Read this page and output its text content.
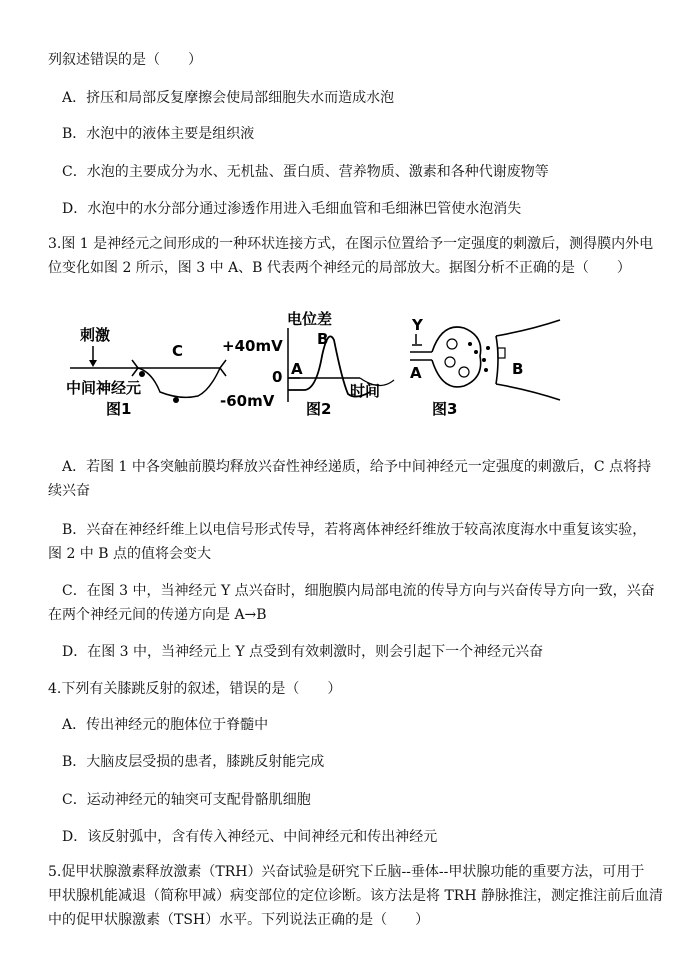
列叙述错误的是（　　）
A．挤压和局部反复摩擦会使局部细胞失水而造成水泡
B．水泡中的液体主要是组织液
C．水泡的主要成分为水、无机盐、蛋白质、营养物质、激素和各种代谢废物等
D．水泡中的水分部分通过渗透作用进入毛细血管和毛细淋巴管使水泡消失
3.图 1 是神经元之间形成的一种环状连接方式，在图示位置给予一定强度的刺激后，测得膜内外电
位变化如图 2 所示，图 3 中 A、B 代表两个神经元的局部放大。据图分析不正确的是（　　）
刺激
C
中间神经元
图1
电位差
+40mV
0
-60mV
A
B
时间
图2
Y
A	B
图3
A．若图 1 中各突触前膜均释放兴奋性神经递质，给予中间神经元一定强度的刺激后，C 点将持
续兴奋
B．兴奋在神经纤维上以电信号形式传导，若将离体神经纤维放于较高浓度海水中重复该实验，
图 2 中 B 点的值将会变大
C．在图 3 中，当神经元 Y 点兴奋时，细胞膜内局部电流的传导方向与兴奋传导方向一致，兴奋
在两个神经元间的传递方向是 A→B
D．在图 3 中，当神经元上 Y 点受到有效刺激时，则会引起下一个神经元兴奋
4.下列有关膝跳反射的叙述，错误的是（　　）
A．传出神经元的胞体位于脊髓中
B．大脑皮层受损的患者，膝跳反射能完成
C．运动神经元的轴突可支配骨骼肌细胞
D．该反射弧中，含有传入神经元、中间神经元和传出神经元
5.促甲状腺激素释放激素（TRH）兴奋试验是研究下丘脑--垂体--甲状腺功能的重要方法，可用于
甲状腺机能减退（简称甲减）病变部位的定位诊断。该方法是将 TRH 静脉推注，测定推注前后血清
中的促甲状腺激素（TSH）水平。下列说法正确的是（　　）
